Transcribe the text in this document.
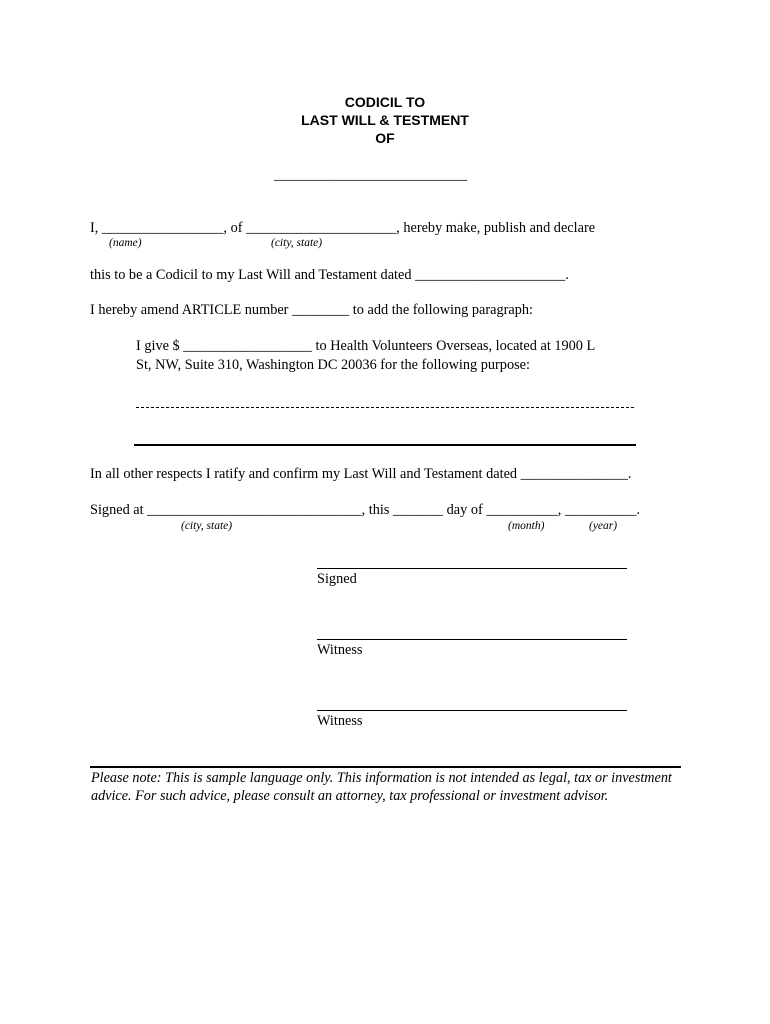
CODICIL TO
LAST WILL & TESTMENT
OF
___________________________
I, _________________, of _____________________, hereby make, publish and declare
(name)	(city, state)
this to be a Codicil to my Last Will and Testament dated _____________________.
I hereby amend ARTICLE number ________ to add the following paragraph:
I give $ __________________ to Health Volunteers Overseas, located at 1900 L
St, NW, Suite 310, Washington DC 20036 for the following purpose:
In all other respects I ratify and confirm my Last Will and Testament dated _______________.
Signed at ______________________________, this _______ day of __________, __________.
(city, state)	(month)	(year)
Signed
Witness
Witness
Please note: This is sample language only. This information is not intended as legal, tax or investment advice. For such advice, please consult an attorney, tax professional or investment advisor.
